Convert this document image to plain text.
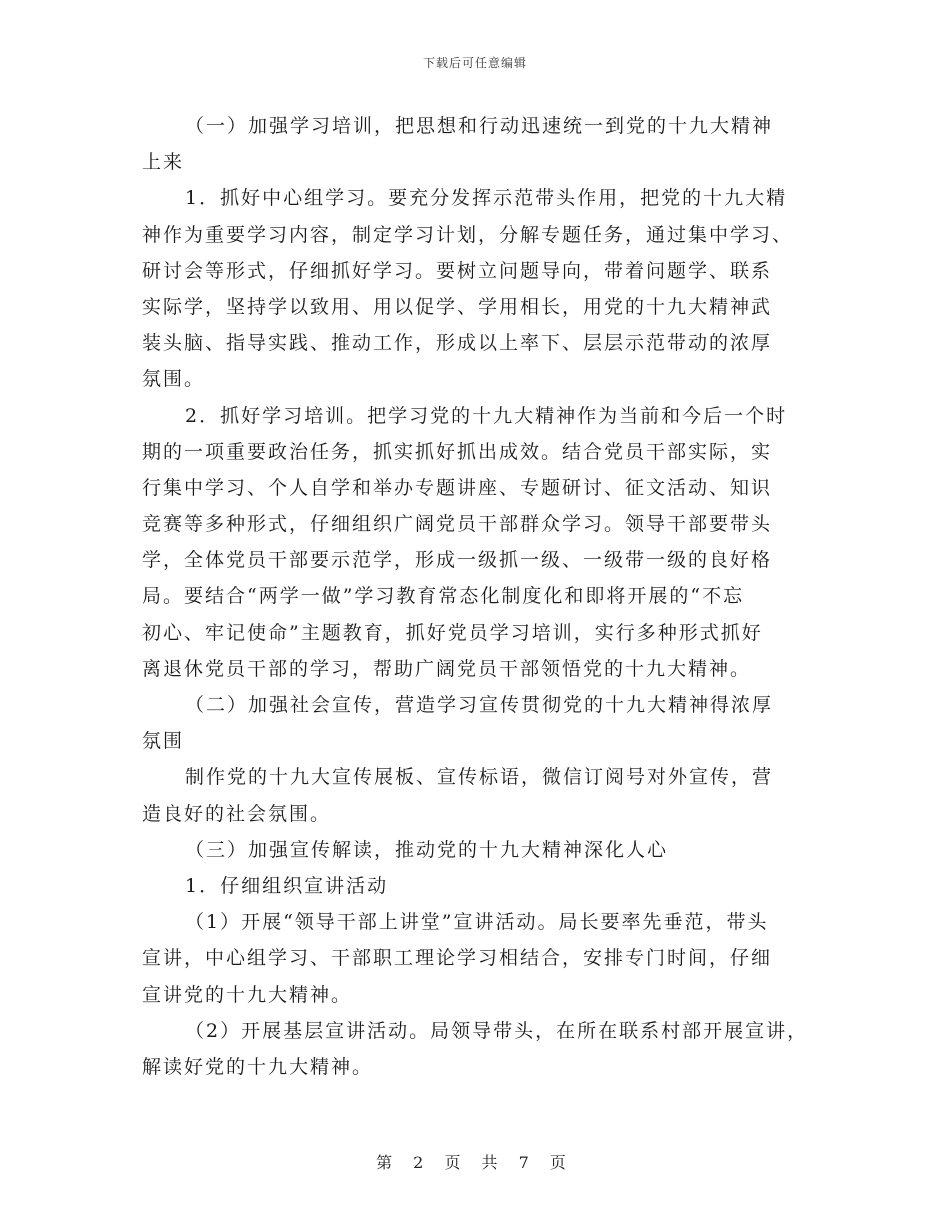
下载后可任意编辑
（一）加强学习培训，把思想和行动迅速统一到党的十九大精神
上来
1．抓好中心组学习。要充分发挥示范带头作用，把党的十九大精
神作为重要学习内容，制定学习计划，分解专题任务，通过集中学习、
研讨会等形式，仔细抓好学习。要树立问题导向，带着问题学、联系
实际学，坚持学以致用、用以促学、学用相长，用党的十九大精神武
装头脑、指导实践、推动工作，形成以上率下、层层示范带动的浓厚
氛围。
2．抓好学习培训。把学习党的十九大精神作为当前和今后一个时
期的一项重要政治任务，抓实抓好抓出成效。结合党员干部实际，实
行集中学习、个人自学和举办专题讲座、专题研讨、征文活动、知识
竞赛等多种形式，仔细组织广阔党员干部群众学习。领导干部要带头
学，全体党员干部要示范学，形成一级抓一级、一级带一级的良好格
局。要结合“两学一做”学习教育常态化制度化和即将开展的“不忘
初心、牢记使命”主题教育，抓好党员学习培训，实行多种形式抓好
离退休党员干部的学习，帮助广阔党员干部领悟党的十九大精神。
（二）加强社会宣传，营造学习宣传贯彻党的十九大精神得浓厚
氛围
制作党的十九大宣传展板、宣传标语，微信订阅号对外宣传，营
造良好的社会氛围。
（三）加强宣传解读，推动党的十九大精神深化人心
1．仔细组织宣讲活动
（1）开展“领导干部上讲堂”宣讲活动。局长要率先垂范，带头
宣讲，中心组学习、干部职工理论学习相结合，安排专门时间，仔细
宣讲党的十九大精神。
（2）开展基层宣讲活动。局领导带头，在所在联系村部开展宣讲，
解读好党的十九大精神。
第 2 页 共 7 页
